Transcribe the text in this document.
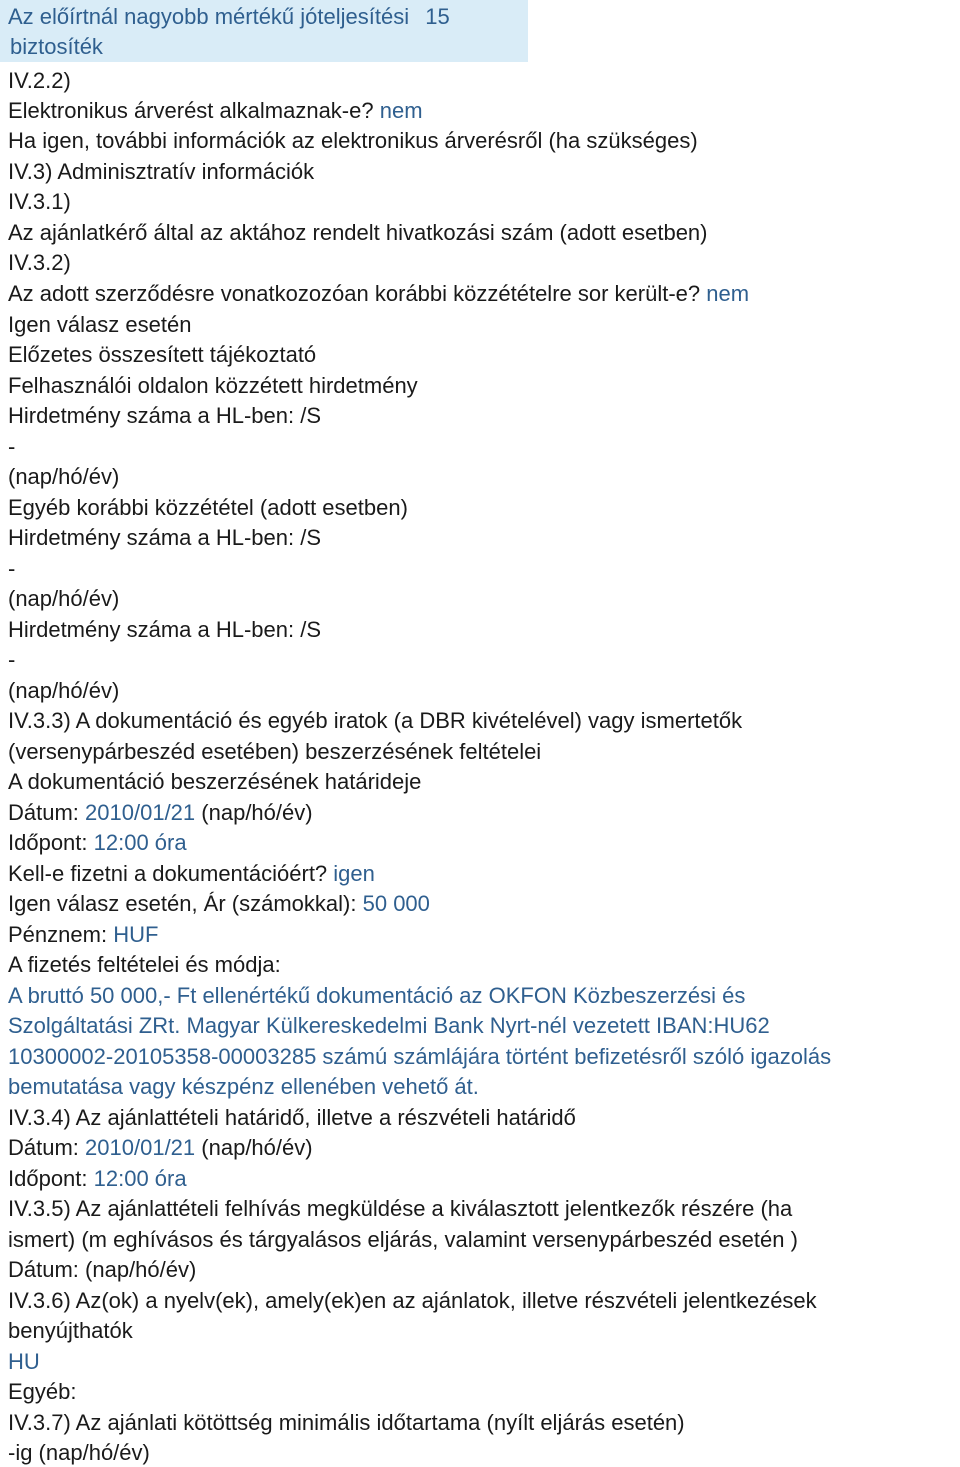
Az előírtnál nagyobb mértékű jóteljesítési 15
biztosíték
IV.2.2)
Elektronikus árverést alkalmaznak-e? nem
Ha igen, további információk az elektronikus árverésről (ha szükséges)
IV.3) Adminisztratív információk
IV.3.1)
Az ajánlatkérő által az aktához rendelt hivatkozási szám (adott esetben)
IV.3.2)
Az adott szerződésre vonatkozozóan korábbi közzétételre sor került-e? nem
Igen válasz esetén
Előzetes összesített tájékoztató
Felhasználói oldalon közzétett hirdetmény
Hirdetmény száma a HL-ben: /S
-
(nap/hó/év)
Egyéb korábbi közzététel (adott esetben)
Hirdetmény száma a HL-ben: /S
-
(nap/hó/év)
Hirdetmény száma a HL-ben: /S
-
(nap/hó/év)
IV.3.3) A dokumentáció és egyéb iratok (a DBR kivételével) vagy ismertetők
(versenypárbeszéd esetében) beszerzésének feltételei
A dokumentáció beszerzésének határideje
Dátum: 2010/01/21 (nap/hó/év)
Időpont: 12:00 óra
Kell-e fizetni a dokumentációért? igen
Igen válasz esetén, Ár (számokkal): 50 000
Pénznem: HUF
A fizetés feltételei és módja:
A bruttó 50 000,- Ft ellenértékű dokumentáció az OKFON Közbeszerzési és
Szolgáltatási ZRt. Magyar Külkereskedelmi Bank Nyrt-nél vezetett IBAN:HU62
10300002-20105358-00003285 számú számlájára történt befizetésről szóló igazolás
bemutatása vagy készpénz ellenében vehető át.
IV.3.4) Az ajánlattételi határidő, illetve a részvételi határidő
Dátum: 2010/01/21 (nap/hó/év)
Időpont: 12:00 óra
IV.3.5) Az ajánlattételi felhívás megküldése a kiválasztott jelentkezők részére (ha
ismert) (m eghívásos és tárgyalásos eljárás, valamint versenypárbeszéd esetén )
Dátum: (nap/hó/év)
IV.3.6) Az(ok) a nyelv(ek), amely(ek)en az ajánlatok, illetve részvételi jelentkezések
benyújthatók
HU
Egyéb:
IV.3.7) Az ajánlati kötöttség minimális időtartama (nyílt eljárás esetén)
-ig (nap/hó/év)
